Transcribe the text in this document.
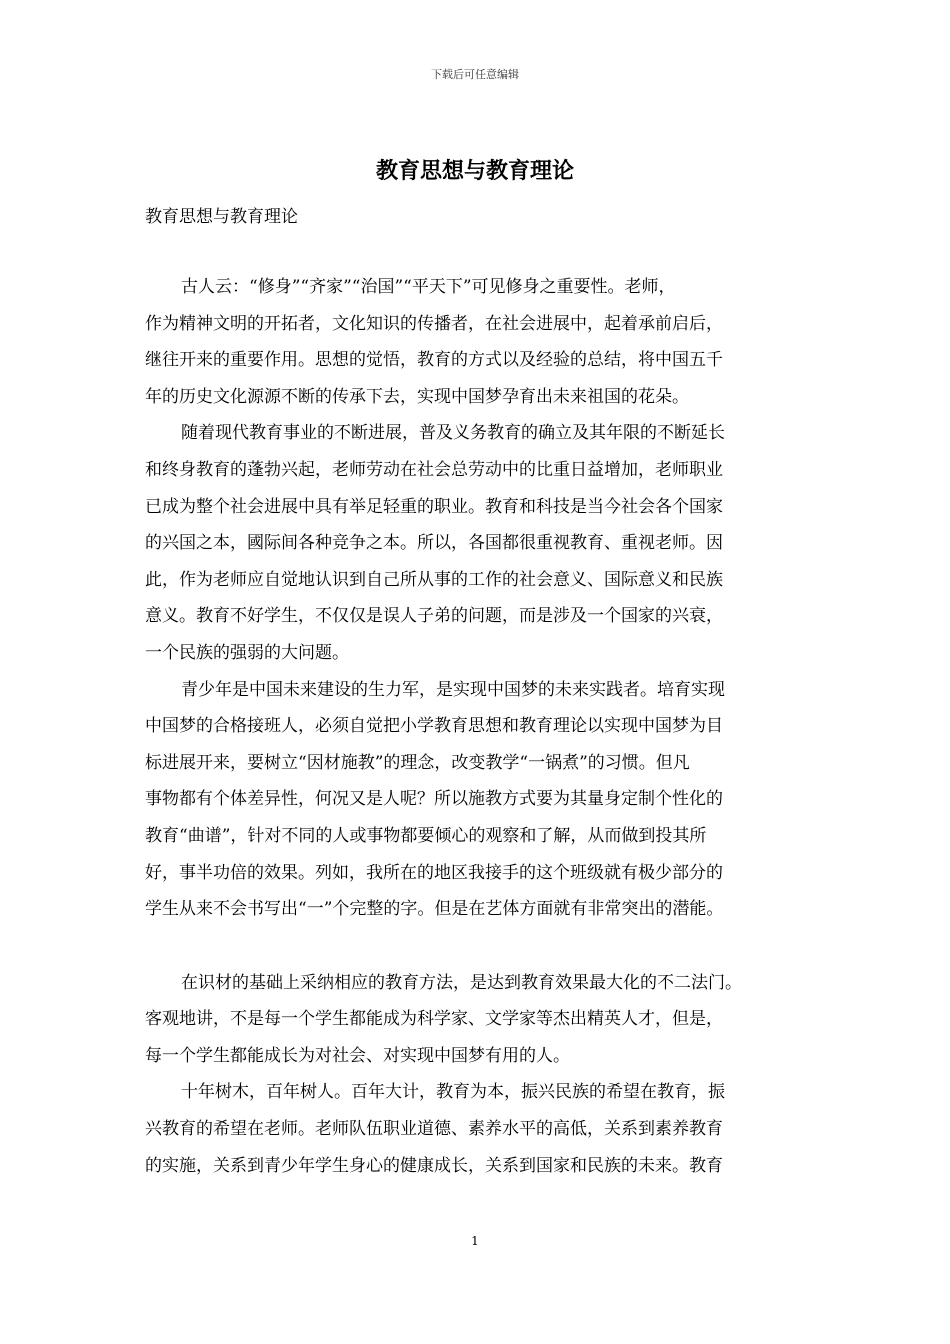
下载后可任意编辑
教育思想与教育理论
教育思想与教育理论
古人云：“修身”“齐家”“治国”“平天下”可见修身之重要性。老师，
作为精神文明的开拓者，文化知识的传播者，在社会进展中，起着承前启后，
继往开来的重要作用。思想的觉悟，教育的方式以及经验的总结，将中国五千
年的历史文化源源不断的传承下去，实现中国梦孕育出未来祖国的花朵。
随着现代教育事业的不断进展，普及义务教育的确立及其年限的不断延长
和终身教育的蓬勃兴起，老师劳动在社会总劳动中的比重日益增加，老师职业
已成为整个社会进展中具有举足轻重的职业。教育和科技是当今社会各个国家
的兴国之本，國际间各种竞争之本。所以，各国都很重视教育、重视老师。因
此，作为老师应自觉地认识到自己所从事的工作的社会意义、国际意义和民族
意义。教育不好学生，不仅仅是误人子弟的问题，而是涉及一个国家的兴衰，
一个民族的强弱的大问题。
青少年是中国未来建设的生力军，是实现中国梦的未来实践者。培育实现
中国梦的合格接班人，必须自觉把小学教育思想和教育理论以实现中国梦为目
标进展开来，要树立“因材施教”的理念，改变教学“一锅煮”的习惯。但凡
事物都有个体差异性，何况又是人呢？所以施教方式要为其量身定制个性化的
教育“曲谱”，针对不同的人或事物都要倾心的观察和了解，从而做到投其所
好，事半功倍的效果。列如，我所在的地区我接手的这个班级就有极少部分的
学生从来不会书写出“一”个完整的字。但是在艺体方面就有非常突出的潜能。
在识材的基础上采纳相应的教育方法，是达到教育效果最大化的不二法门。
客观地讲，不是每一个学生都能成为科学家、文学家等杰出精英人才，但是，
每一个学生都能成长为对社会、对实现中国梦有用的人。
十年树木，百年树人。百年大计，教育为本，振兴民族的希望在教育，振
兴教育的希望在老师。老师队伍职业道德、素养水平的高低，关系到素养教育
的实施，关系到青少年学生身心的健康成长，关系到国家和民族的未来。教育
1
